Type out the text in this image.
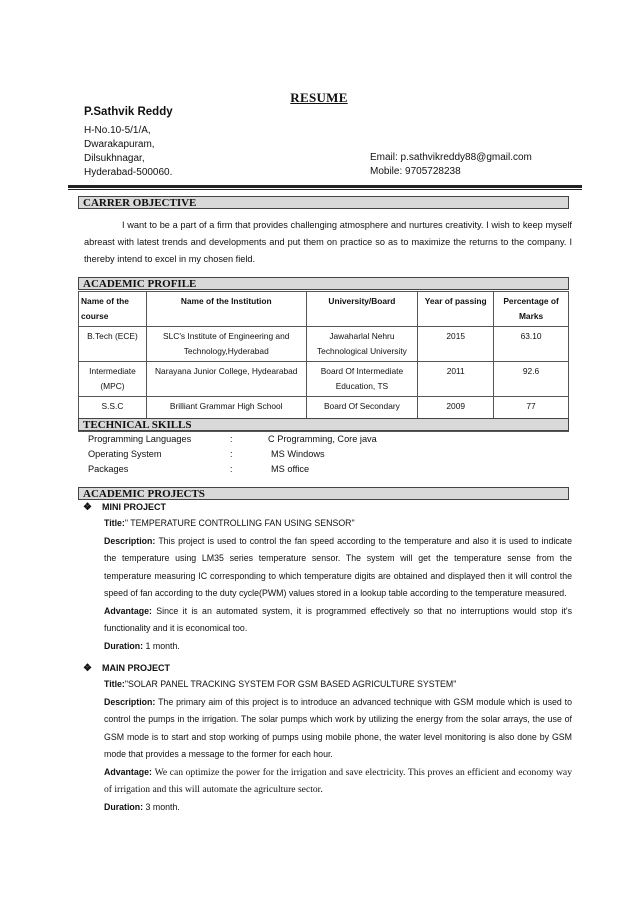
RESUME
P.Sathvik Reddy
H-No.10-5/1/A,
Dwarakapuram,
Dilsukhnagar,
Hyderabad-500060.
Email: p.sathvikreddy88@gmail.com
Mobile: 9705728238
CARRER OBJECTIVE
I want to be a part of a firm that provides challenging atmosphere and nurtures creativity. I wish to keep myself abreast with latest trends and developments and put them on practice so as to maximize the returns to the company. I thereby intend to excel in my chosen field.
ACADEMIC PROFILE
Name of the course	Name of the Institution	University/Board	Year of passing	Percentage of Marks
B.Tech (ECE)	SLC's Institute of Engineering and Technology,Hyderabad	Jawaharlal Nehru Technological University	2015	63.10
Intermediate (MPC)	Narayana Junior College, Hydearabad	Board Of Intermediate Education, TS	2011	92.6
S.S.C	Brilliant Grammar High School	Board Of Secondary	2009	77
TECHNICAL SKILLS
Programming Languages	:	C Programming, Core java
Operating System	:	MS Windows
Packages	:	MS office
ACADEMIC PROJECTS
❖ MINI PROJECT
Title:" TEMPERATURE CONTROLLING FAN USING SENSOR"
Description: This project is used to control the fan speed according to the temperature and also it is used to indicate the temperature using LM35 series temperature sensor. The system will get the temperature sense from the temperature measuring IC corresponding to which temperature digits are obtained and displayed then it will control the speed of fan according to the duty cycle(PWM) values stored in a lookup table according to the temperature measured.
Advantage: Since it is an automated system, it is programmed effectively so that no interruptions would stop it's functionality and it is economical too.
Duration: 1 month.
❖ MAIN PROJECT
Title:"SOLAR PANEL TRACKING SYSTEM FOR GSM BASED AGRICULTURE SYSTEM"
Description: The primary aim of this project is to introduce an advanced technique with GSM module which is used to control the pumps in the irrigation. The solar pumps which work by utilizing the energy from the solar arrays, the use of GSM mode is to start and stop working of pumps using mobile phone, the water level monitoring is also done by GSM mode that provides a message to the former for each hour.
Advantage: We can optimize the power for the irrigation and save electricity. This proves an efficient and economy way of irrigation and this will automate the agriculture sector.
Duration: 3 month.
